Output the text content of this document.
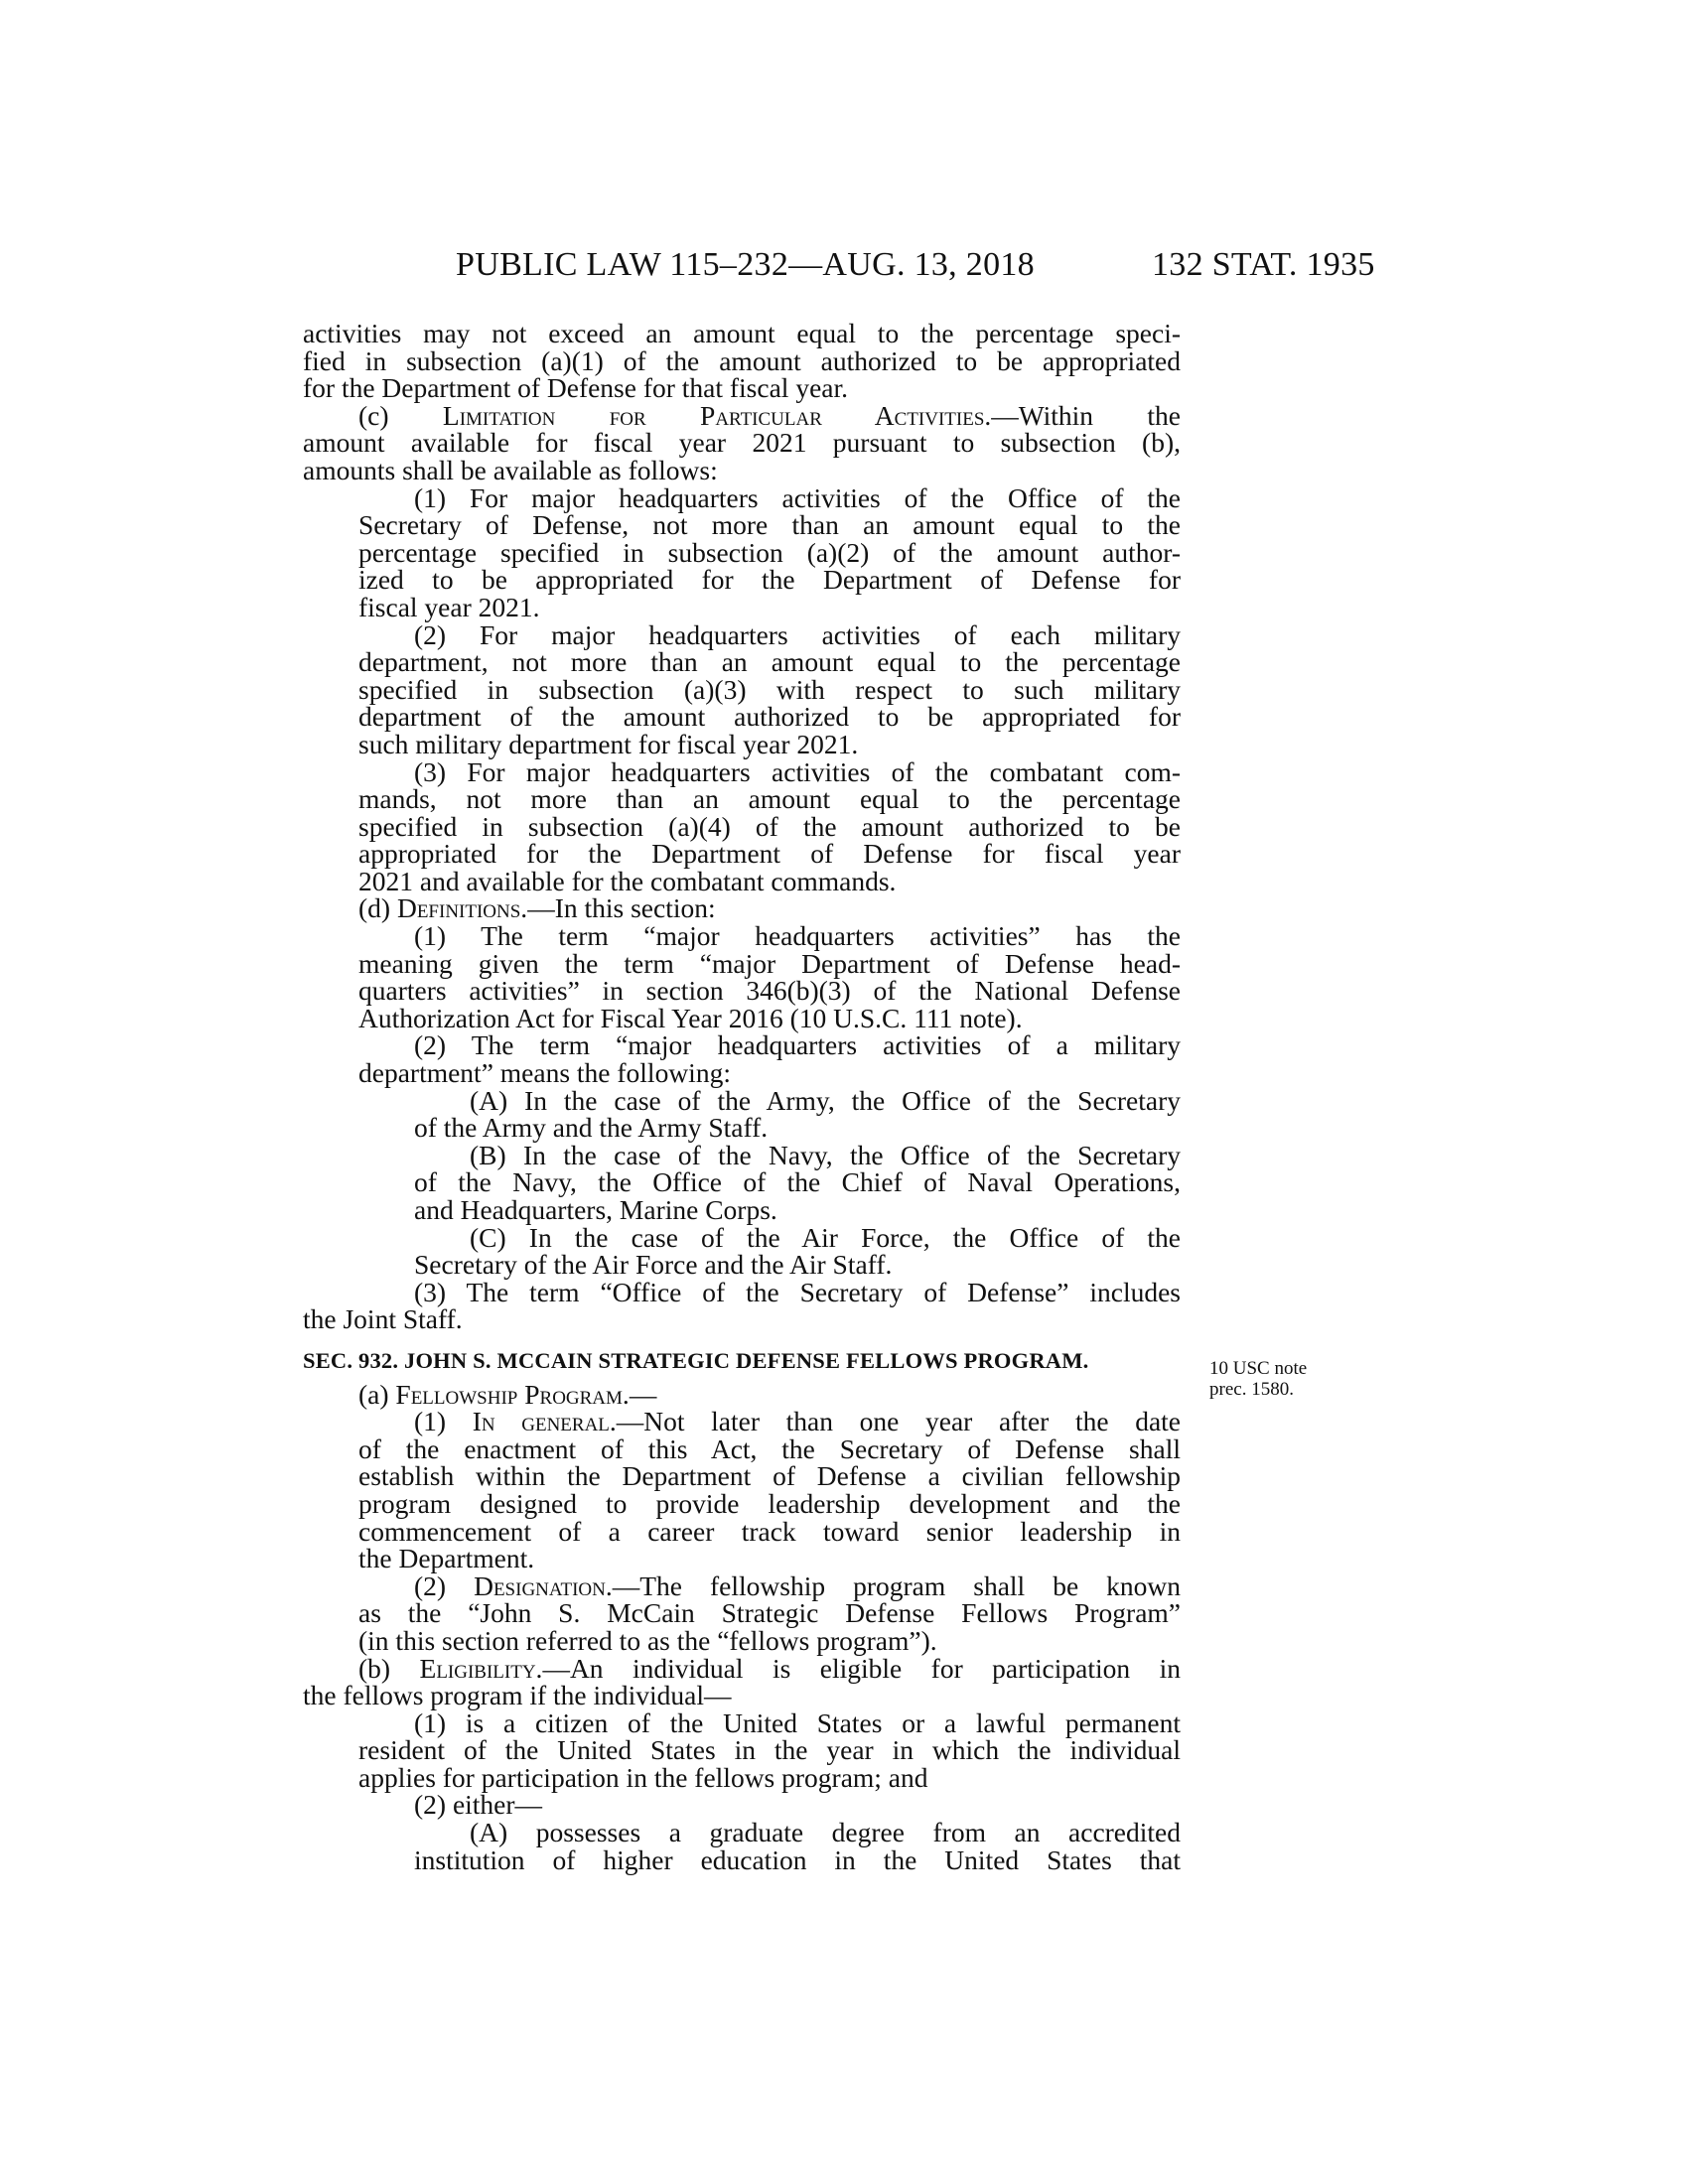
PUBLIC LAW 115–232—AUG. 13, 2018	132 STAT. 1935
10 USC note
prec. 1580.

activities may not exceed an amount equal to the percentage speci-

fied in subsection (a)(1) of the amount authorized to be appropriated

for the Department of Defense for that fiscal year.

(c) Limitation for Particular Activities.—Within the

amount available for fiscal year 2021 pursuant to subsection (b),

amounts shall be available as follows:

(1) For major headquarters activities of the Office of the

Secretary of Defense, not more than an amount equal to the

percentage specified in subsection (a)(2) of the amount author-

ized to be appropriated for the Department of Defense for

fiscal year 2021.

(2) For major headquarters activities of each military

department, not more than an amount equal to the percentage

specified in subsection (a)(3) with respect to such military

department of the amount authorized to be appropriated for

such military department for fiscal year 2021.

(3) For major headquarters activities of the combatant com-

mands, not more than an amount equal to the percentage

specified in subsection (a)(4) of the amount authorized to be

appropriated for the Department of Defense for fiscal year

2021 and available for the combatant commands.

(d) Definitions.—In this section:

(1) The term “major headquarters activities” has the

meaning given the term “major Department of Defense head-

quarters activities” in section 346(b)(3) of the National Defense

Authorization Act for Fiscal Year 2016 (10 U.S.C. 111 note).

(2) The term “major headquarters activities of a military

department” means the following:

(A) In the case of the Army, the Office of the Secretary

of the Army and the Army Staff.

(B) In the case of the Navy, the Office of the Secretary

of the Navy, the Office of the Chief of Naval Operations,

and Headquarters, Marine Corps.

(C) In the case of the Air Force, the Office of the

Secretary of the Air Force and the Air Staff.

(3) The term “Office of the Secretary of Defense” includes

the Joint Staff.

SEC. 932. JOHN S. MCCAIN STRATEGIC DEFENSE FELLOWS PROGRAM.

(a) Fellowship Program.—

(1) In general.—Not later than one year after the date

of the enactment of this Act, the Secretary of Defense shall

establish within the Department of Defense a civilian fellowship

program designed to provide leadership development and the

commencement of a career track toward senior leadership in

the Department.

(2) Designation.—The fellowship program shall be known

as the “John S. McCain Strategic Defense Fellows Program”

(in this section referred to as the “fellows program”).

(b) Eligibility.—An individual is eligible for participation in

the fellows program if the individual—

(1) is a citizen of the United States or a lawful permanent

resident of the United States in the year in which the individual

applies for participation in the fellows program; and

(2) either—

(A) possesses a graduate degree from an accredited

institution of higher education in the United States that
